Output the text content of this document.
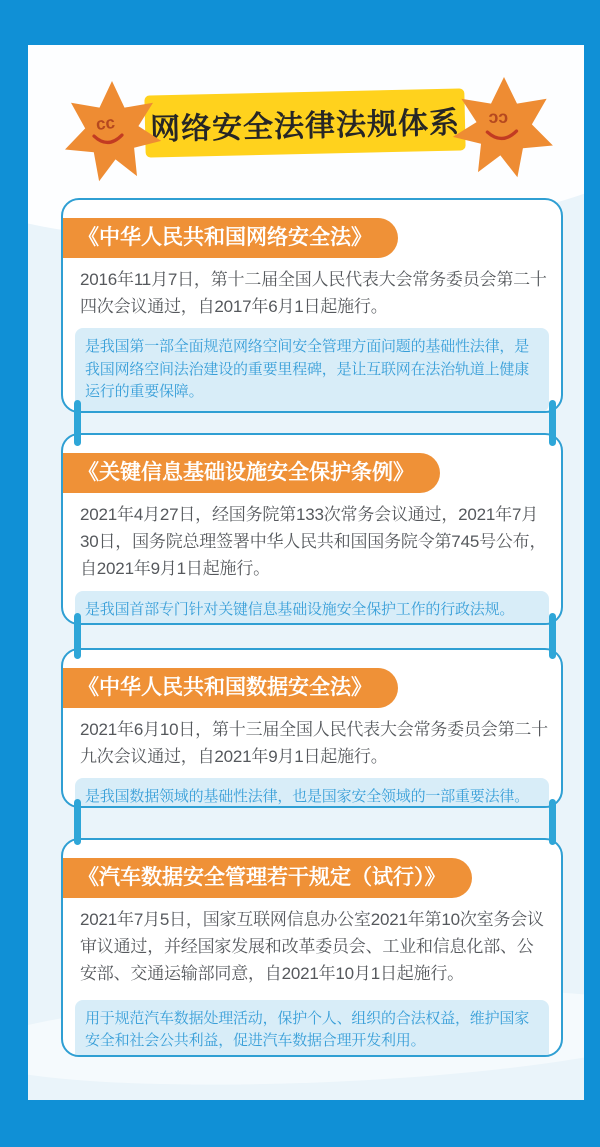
网络安全法律法规体系
cc	cc
《中华人民共和国网络安全法》
2016年11月7日，第十二届全国人民代表大会常务委员会第二十四次会议通过，自2017年6月1日起施行。
是我国第一部全面规范网络空间安全管理方面问题的基础性法律，是我国网络空间法治建设的重要里程碑，是让互联网在法治轨道上健康运行的重要保障。
《关键信息基础设施安全保护条例》
2021年4月27日，经国务院第133次常务会议通过，2021年7月30日，国务院总理签署中华人民共和国国务院令第745号公布，自2021年9月1日起施行。
是我国首部专门针对关键信息基础设施安全保护工作的行政法规。
《中华人民共和国数据安全法》
2021年6月10日，第十三届全国人民代表大会常务委员会第二十九次会议通过，自2021年9月1日起施行。
是我国数据领域的基础性法律，也是国家安全领域的一部重要法律。
《汽车数据安全管理若干规定（试行）》
2021年7月5日，国家互联网信息办公室2021年第10次室务会议审议通过，并经国家发展和改革委员会、工业和信息化部、公安部、交通运输部同意，自2021年10月1日起施行。
用于规范汽车数据处理活动，保护个人、组织的合法权益，维护国家安全和社会公共利益，促进汽车数据合理开发利用。
